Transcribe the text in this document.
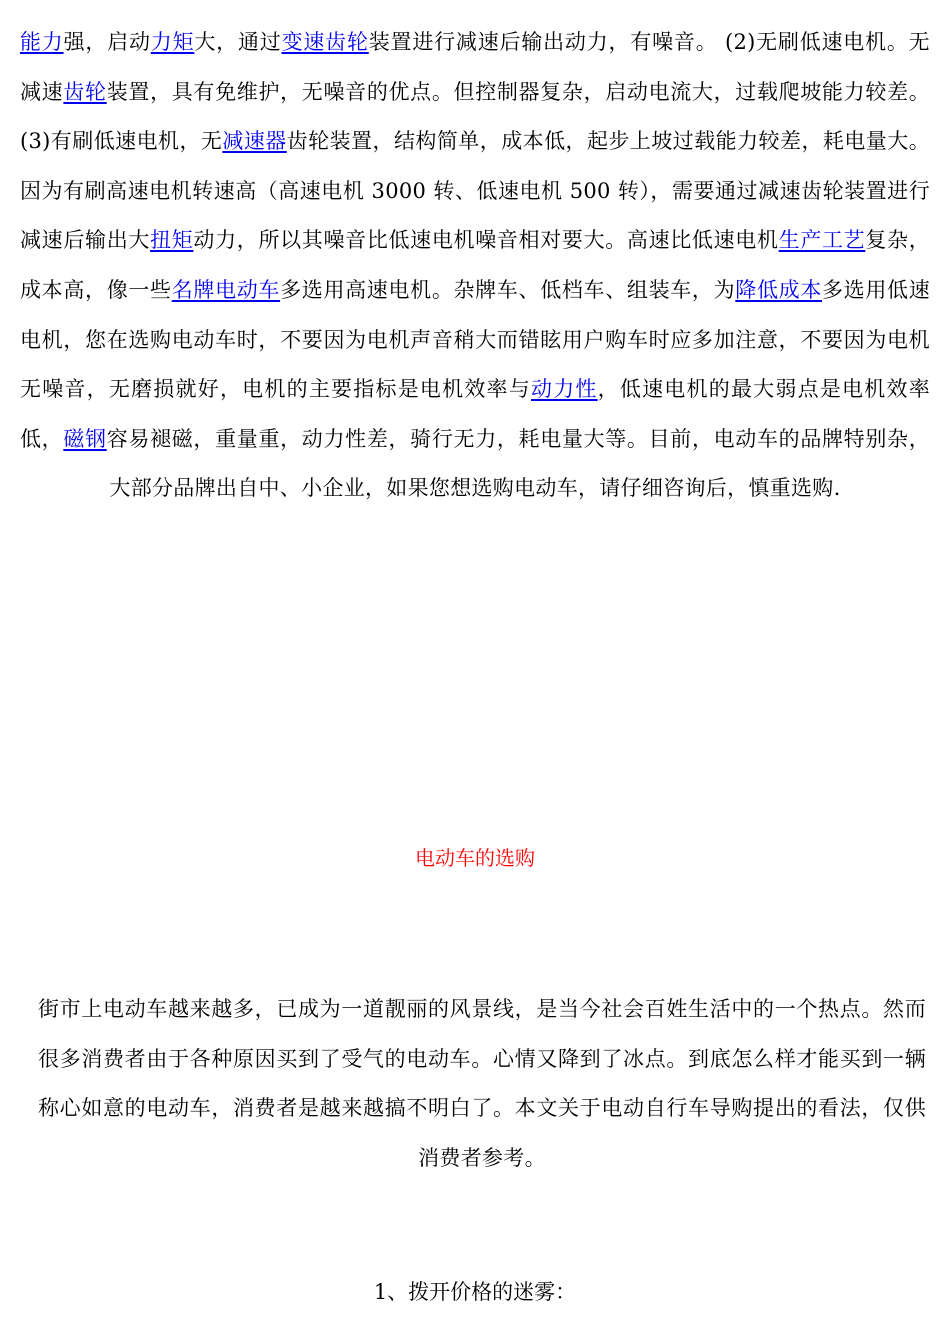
能力强，启动力矩大，通过变速齿轮装置进行减速后输出动力，有噪音。 (2)无刷低速电机。无减速齿轮装置，具有免维护，无噪音的优点。但控制器复杂，启动电流大，过载爬坡能力较差。 (3)有刷低速电机，无减速器齿轮装置，结构简单，成本低，起步上坡过载能力较差，耗电量大。 因为有刷高速电机转速高（高速电机 3000 转、低速电机 500 转），需要通过减速齿轮装置进行减速后输出大扭矩动力，所以其噪音比低速电机噪音相对要大。高速比低速电机生产工艺复杂，成本高，像一些名牌电动车多选用高速电机。杂牌车、低档车、组装车，为降低成本多选用低速电机，您在选购电动车时，不要因为电机声音稍大而错眩用户购车时应多加注意，不要因为电机无噪音，无磨损就好，电机的主要指标是电机效率与动力性，低速电机的最大弱点是电机效率低，磁钢容易褪磁，重量重，动力性差，骑行无力，耗电量大等。目前，电动车的品牌特别杂，大部分品牌出自中、小企业，如果您想选购电动车，请仔细咨询后，慎重选购.

电动车的选购

街市上电动车越来越多，已成为一道靓丽的风景线，是当今社会百姓生活中的一个热点。然而很多消费者由于各种原因买到了受气的电动车。心情又降到了冰点。到底怎么样才能买到一辆称心如意的电动车，消费者是越来越搞不明白了。本文关于电动自行车导购提出的看法，仅供消费者参考。

1、拨开价格的迷雾：
